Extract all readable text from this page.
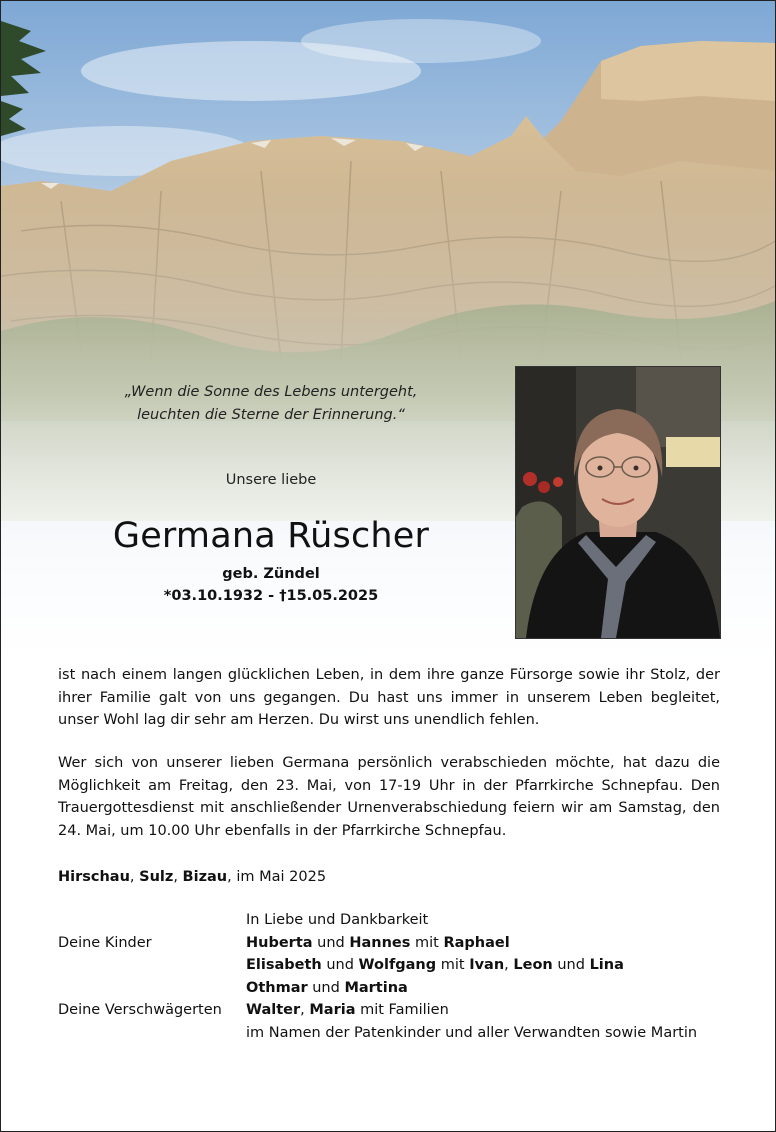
„Wenn die Sonne des Lebens untergeht,
leuchten die Sterne der Erinnerung.“
Unsere liebe
Germana Rüscher
geb. Zündel
*03.10.1932 - †15.05.2025
ist nach einem langen glücklichen Leben, in dem ihre ganze Fürsorge sowie ihr Stolz, der ihrer Familie galt von uns gegangen. Du hast uns immer in unserem Leben begleitet, unser Wohl lag dir sehr am Herzen. Du wirst uns unendlich fehlen.
Wer sich von unserer lieben Germana persönlich verabschieden möchte, hat dazu die Möglichkeit am Freitag, den 23. Mai, von 17-19 Uhr in der Pfarrkirche Schnepfau. Den Trauergottesdienst mit anschließender Urnenverabschiedung feiern wir am Samstag, den 24. Mai, um 10.00 Uhr ebenfalls in der Pfarrkirche Schnepfau.
Hirschau, Sulz, Bizau, im Mai 2025
In Liebe und Dankbarkeit
Deine Kinder	Huberta und Hannes mit Raphael
Elisabeth und Wolfgang mit Ivan, Leon und Lina
Othmar und Martina
Deine Verschwägerten	Walter, Maria mit Familien
im Namen der Patenkinder und aller Verwandten sowie Martin
